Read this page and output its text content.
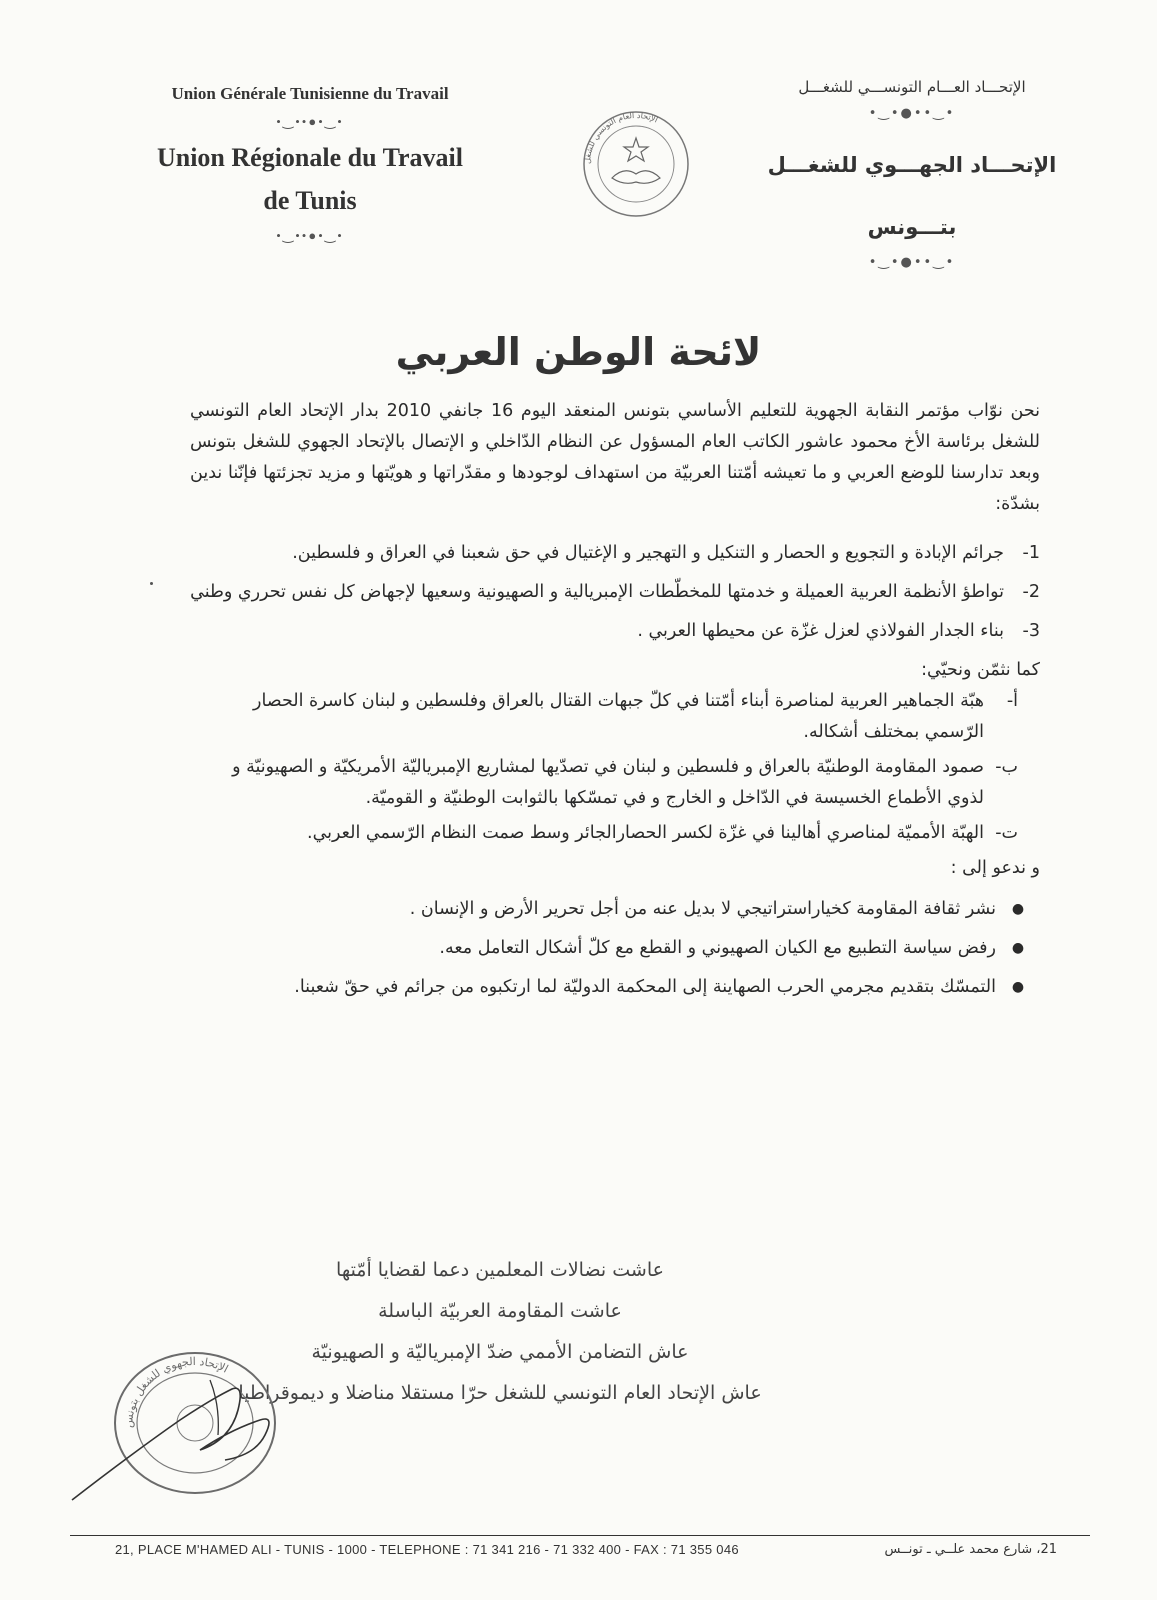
Union Générale Tunisienne du Travail
•‿••●•‿•
Union Régionale du Travail
de Tunis
•‿••●•‿•
الإتحاد العام التونسي للشغل
الإتحـــاد العـــام التونســـي للشغـــل
•‿••●•‿•
الإتحـــاد الجهـــوي للشغـــل
بتـــونس
•‿••●•‿•
لائحة الوطن العربي

نحن نوّاب مؤتمر النقابة الجهوية للتعليم الأساسي بتونس المنعقد اليوم 16 جانفي 2010 بدار الإتحاد العام التونسي للشغل برئاسة الأخ محمود عاشور الكاتب العام المسؤول عن النظام الدّاخلي و الإتصال بالإتحاد الجهوي للشغل بتونس وبعد تدارسنا للوضع العربي و ما تعيشه أمّتنا العربيّة من استهداف لوجودها و مقدّراتها و هويّتها و مزيد تجزئتها فإنّنا ندين بشدّة:

1-
جرائم الإبادة و التجويع و الحصار و التنكيل و التهجير و الإغتيال في حق شعبنا في العراق و فلسطين.
2-
تواطؤ الأنظمة العربية العميلة و خدمتها للمخطّطات الإمبريالية و الصهيونية وسعيها لإجهاض كل نفس تحرري وطني
3-
بناء الجدار الفولاذي لعزل غزّة عن محيطها العربي .

كما نثمّن ونحيّي:

أ-
هبّة الجماهير العربية لمناصرة أبناء أمّتنا في كلّ جبهات القتال بالعراق وفلسطين و لبنان كاسرة الحصار الرّسمي بمختلف أشكاله.
ب-
صمود المقاومة الوطنيّة بالعراق و فلسطين و لبنان في تصدّيها لمشاريع الإمبرياليّة الأمريكيّة و الصهيونيّة و لذوي الأطماع الخسيسة في الدّاخل و الخارج و في تمسّكها بالثوابت الوطنيّة و القوميّة.
ت-
الهبّة الأمميّة لمناصري أهالينا في غزّة لكسر الحصارالجائر وسط صمت النظام الرّسمي العربي.

و ندعو إلى :

●
نشر ثقافة المقاومة كخياراستراتيجي لا بديل عنه من أجل تحرير الأرض و الإنسان .
●
رفض سياسة التطبيع مع الكيان الصهيوني و القطع مع كلّ أشكال التعامل معه.
●
التمسّك بتقديم مجرمي الحرب الصهاينة إلى المحكمة الدوليّة لما ارتكبوه من جرائم في حقّ شعبنا.
عاشت نضالات المعلمين دعما لقضايا أمّتها
عاشت المقاومة العربيّة الباسلة
عاش التضامن الأممي ضدّ الإمبرياليّة و الصهيونيّة
عاش الإتحاد العام التونسي للشغل حرّا مستقلا مناضلا و ديموقراطيا
الإتحاد الجهوي للشغل بتونس
21, PLACE M'HAMED ALI - TUNIS - 1000 - TELEPHONE : 71 341 216 - 71 332 400 - FAX : 71 355 046	21، شارع محمد علــي ـ تونــس
